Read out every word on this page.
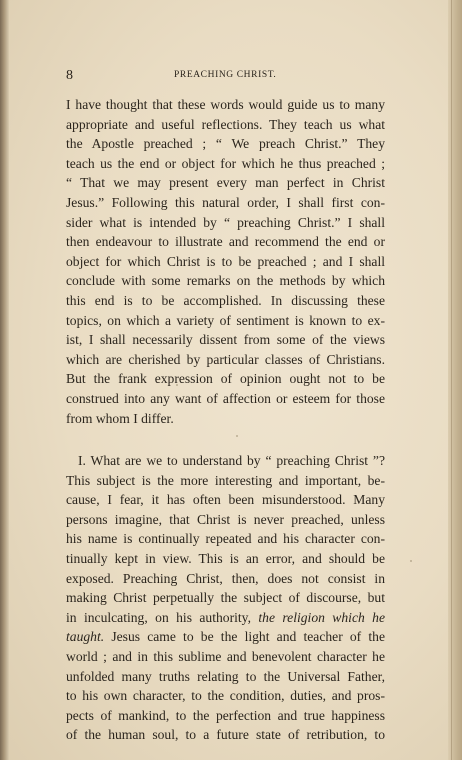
8	PREACHING CHRIST.
I have thought that these words would guide us to many
appropriate and useful reflections. They teach us what
the Apostle preached ; “ We preach Christ.” They
teach us the end or object for which he thus preached ;
“ That we may present every man perfect in Christ
Jesus.” Following this natural order, I shall first con-
sider what is intended by “ preaching Christ.” I shall
then endeavour to illustrate and recommend the end or
object for which Christ is to be preached ; and I shall
conclude with some remarks on the methods by which
this end is to be accomplished. In discussing these
topics, on which a variety of sentiment is known to ex-
ist, I shall necessarily dissent from some of the views
which are cherished by particular classes of Christians.
But the frank expression of opinion ought not to be
construed into any want of affection or esteem for those
from whom I differ.
I. What are we to understand by “ preaching Christ ”?
This subject is the more interesting and important, be-
cause, I fear, it has often been misunderstood. Many
persons imagine, that Christ is never preached, unless
his name is continually repeated and his character con-
tinually kept in view. This is an error, and should be
exposed. Preaching Christ, then, does not consist in
making Christ perpetually the subject of discourse, but
in inculcating, on his authority, the religion which he
taught. Jesus came to be the light and teacher of the
world ; and in this sublime and benevolent character he
unfolded many truths relating to the Universal Father,
to his own character, to the condition, duties, and pros-
pects of mankind, to the perfection and true happiness
of the human soul, to a future state of retribution, to
